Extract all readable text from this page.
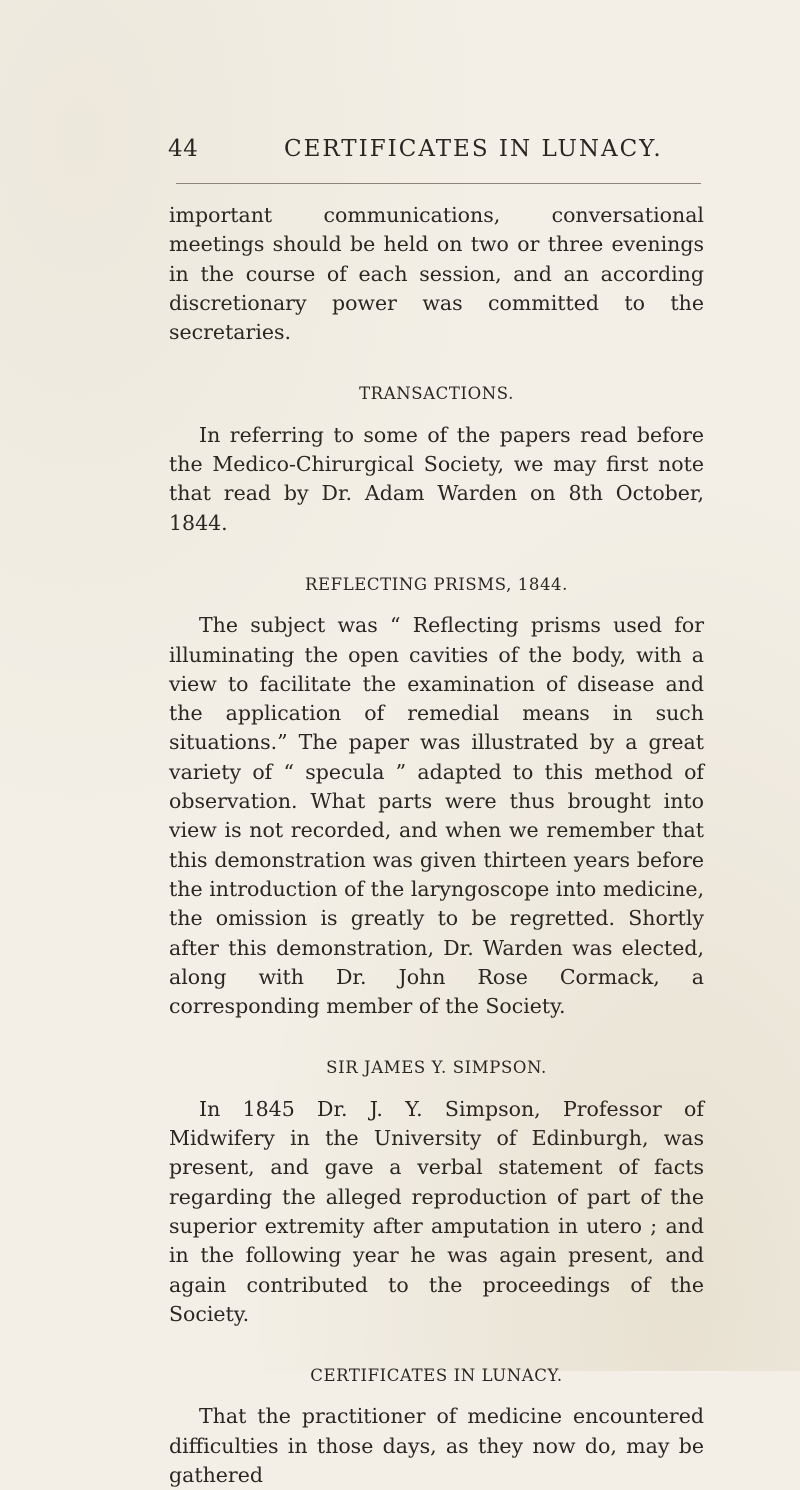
44	CERTIFICATES IN LUNACY.

important communications, conversational meetings should be held on two or three evenings in the course of each session, and an according discretionary power was committed to the secretaries.

TRANSACTIONS.

In referring to some of the papers read before the Medico-Chirurgical Society, we may first note that read by Dr. Adam Warden on 8th October, 1844.

REFLECTING PRISMS, 1844.

The subject was “ Reflecting prisms used for illuminating the open cavities of the body, with a view to facilitate the examination of disease and the application of remedial means in such situations.” The paper was illustrated by a great variety of “ specula ” adapted to this method of observation. What parts were thus brought into view is not recorded, and when we remember that this demonstration was given thirteen years before the introduction of the laryngoscope into medicine, the omission is greatly to be regretted. Shortly after this demonstration, Dr. Warden was elected, along with Dr. John Rose Cormack, a corresponding member of the Society.

SIR JAMES Y. SIMPSON.

In 1845 Dr. J. Y. Simpson, Professor of Midwifery in the University of Edinburgh, was present, and gave a verbal statement of facts regarding the alleged reproduction of part of the superior extremity after amputation in utero ; and in the following year he was again present, and again contributed to the proceedings of the Society.

CERTIFICATES IN LUNACY.

That the practitioner of medicine encountered difficulties in those days, as they now do, may be gathered
